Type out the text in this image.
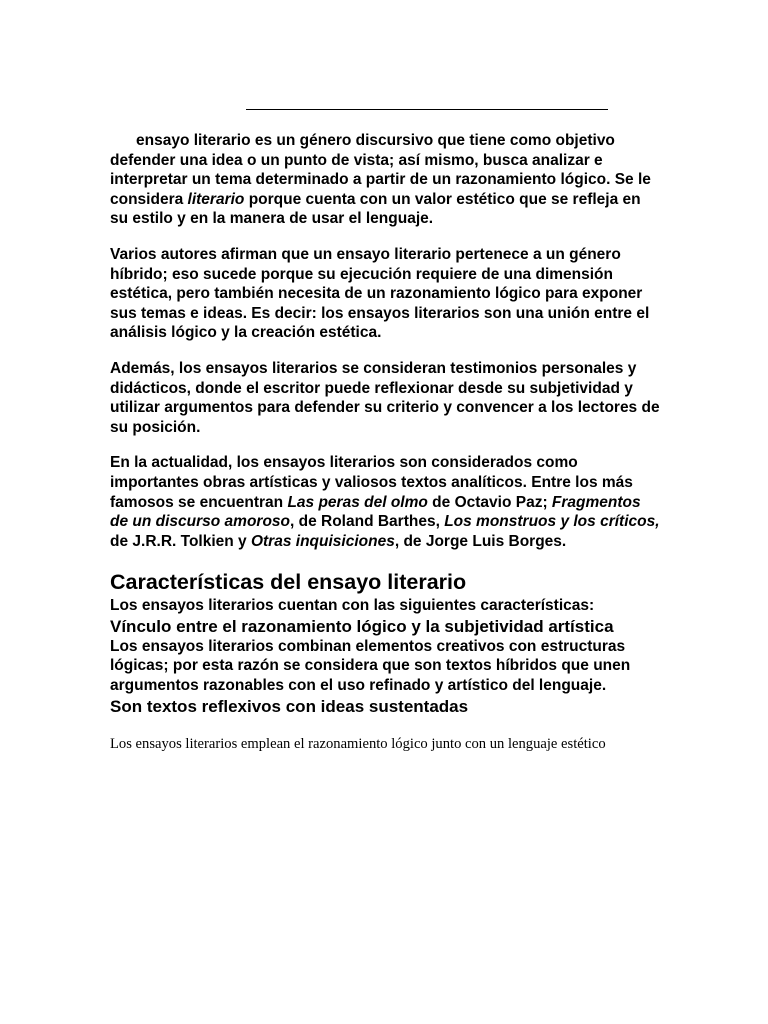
ensayo literario es un género discursivo que tiene como objetivo defender una idea o un punto de vista; así mismo, busca analizar e interpretar un tema determinado a partir de un razonamiento lógico. Se le considera literario porque cuenta con un valor estético que se refleja en su estilo y en la manera de usar el lenguaje.

Varios autores afirman que un ensayo literario pertenece a un género híbrido; eso sucede porque su ejecución requiere de una dimensión estética, pero también necesita de un razonamiento lógico para exponer sus temas e ideas. Es decir: los ensayos literarios son una unión entre el análisis lógico y la creación estética.

Además, los ensayos literarios se consideran testimonios personales y didácticos, donde el escritor puede reflexionar desde su subjetividad y utilizar argumentos para defender su criterio y convencer a los lectores de su posición.

En la actualidad, los ensayos literarios son considerados como importantes obras artísticas y valiosos textos analíticos. Entre los más famosos se encuentran Las peras del olmo de Octavio Paz; Fragmentos de un discurso amoroso, de Roland Barthes, Los monstruos y los críticos, de J.R.R. Tolkien y Otras inquisiciones, de Jorge Luis Borges.

Características del ensayo literario

Los ensayos literarios cuentan con las siguientes características:

Vínculo entre el razonamiento lógico y la subjetividad artística

Los ensayos literarios combinan elementos creativos con estructuras lógicas; por esta razón se considera que son textos híbridos que unen argumentos razonables con el uso refinado y artístico del lenguaje.

Son textos reflexivos con ideas sustentadas

Los ensayos literarios emplean el razonamiento lógico junto con un lenguaje estético
